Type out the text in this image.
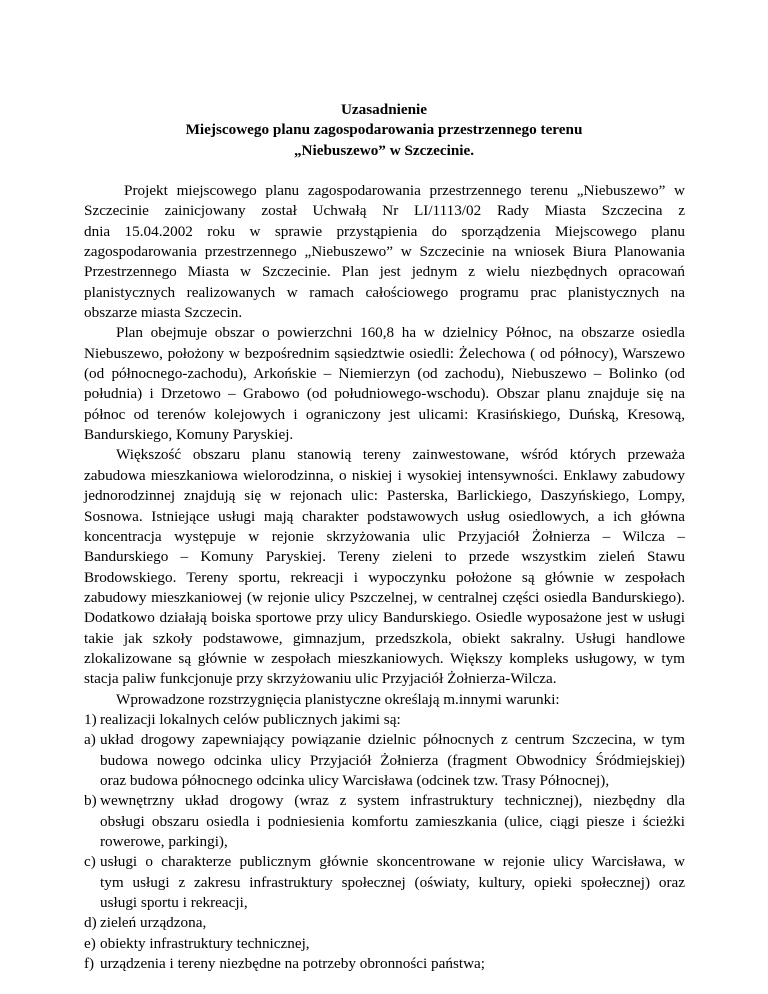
Uzasadnienie
Miejscowego planu zagospodarowania przestrzennego terenu
„Niebuszewo” w Szczecinie.
Projekt miejscowego planu zagospodarowania przestrzennego terenu „Niebuszewo” w
Szczecinie zainicjowany został Uchwałą Nr LI/1113/02 Rady Miasta Szczecina z
dnia 15.04.2002 roku w sprawie przystąpienia do sporządzenia Miejscowego planu
zagospodarowania przestrzennego „Niebuszewo” w Szczecinie na wniosek Biura Planowania
Przestrzennego Miasta w Szczecinie. Plan jest jednym z wielu niezbędnych opracowań
planistycznych realizowanych w ramach całościowego programu prac planistycznych na
obszarze miasta Szczecin.
Plan obejmuje obszar o powierzchni 160,8 ha w dzielnicy Północ, na obszarze osiedla
Niebuszewo, położony w bezpośrednim sąsiedztwie osiedli: Żelechowa ( od północy), Warszewo
(od północnego-zachodu), Arkońskie – Niemierzyn (od zachodu), Niebuszewo – Bolinko (od
południa) i Drzetowo – Grabowo (od południowego-wschodu). Obszar planu znajduje się na
północ od terenów kolejowych i ograniczony jest ulicami: Krasińskiego, Duńską, Kresową,
Bandurskiego, Komuny Paryskiej.
Większość obszaru planu stanowią tereny zainwestowane, wśród których przeważa
zabudowa mieszkaniowa wielorodzinna, o niskiej i wysokiej intensywności. Enklawy zabudowy
jednorodzinnej znajdują się w rejonach ulic: Pasterska, Barlickiego, Daszyńskiego, Lompy,
Sosnowa. Istniejące usługi mają charakter podstawowych usług osiedlowych, a ich główna
koncentracja występuje w rejonie skrzyżowania ulic Przyjaciół Żołnierza – Wilcza –
Bandurskiego – Komuny Paryskiej. Tereny zieleni to przede wszystkim zieleń Stawu
Brodowskiego. Tereny sportu, rekreacji i wypoczynku położone są głównie w zespołach
zabudowy mieszkaniowej (w rejonie ulicy Pszczelnej, w centralnej części osiedla Bandurskiego).
Dodatkowo działają boiska sportowe przy ulicy Bandurskiego. Osiedle wyposażone jest w usługi
takie jak szkoły podstawowe, gimnazjum, przedszkola, obiekt sakralny. Usługi handlowe
zlokalizowane są głównie w zespołach mieszkaniowych. Większy kompleks usługowy, w tym
stacja paliw funkcjonuje przy skrzyżowaniu ulic Przyjaciół Żołnierza-Wilcza.
Wprowadzone rozstrzygnięcia planistyczne określają m.innymi warunki:
1) realizacji lokalnych celów publicznych jakimi są:
a) układ drogowy zapewniający powiązanie dzielnic północnych z centrum Szczecina, w tym
budowa nowego odcinka ulicy Przyjaciół Żołnierza (fragment Obwodnicy Śródmiejskiej)
oraz budowa północnego odcinka ulicy Warcisława (odcinek tzw. Trasy Północnej),
b) wewnętrzny układ drogowy (wraz z system infrastruktury technicznej), niezbędny dla
obsługi obszaru osiedla i podniesienia komfortu zamieszkania (ulice, ciągi piesze i ścieżki
rowerowe, parkingi),
c) usługi o charakterze publicznym głównie skoncentrowane w rejonie ulicy Warcisława, w
tym usługi z zakresu infrastruktury społecznej (oświaty, kultury, opieki społecznej) oraz
usługi sportu i rekreacji,
d) zieleń urządzona,
e) obiekty infrastruktury technicznej,
f) urządzenia i tereny niezbędne na potrzeby obronności państwa;
